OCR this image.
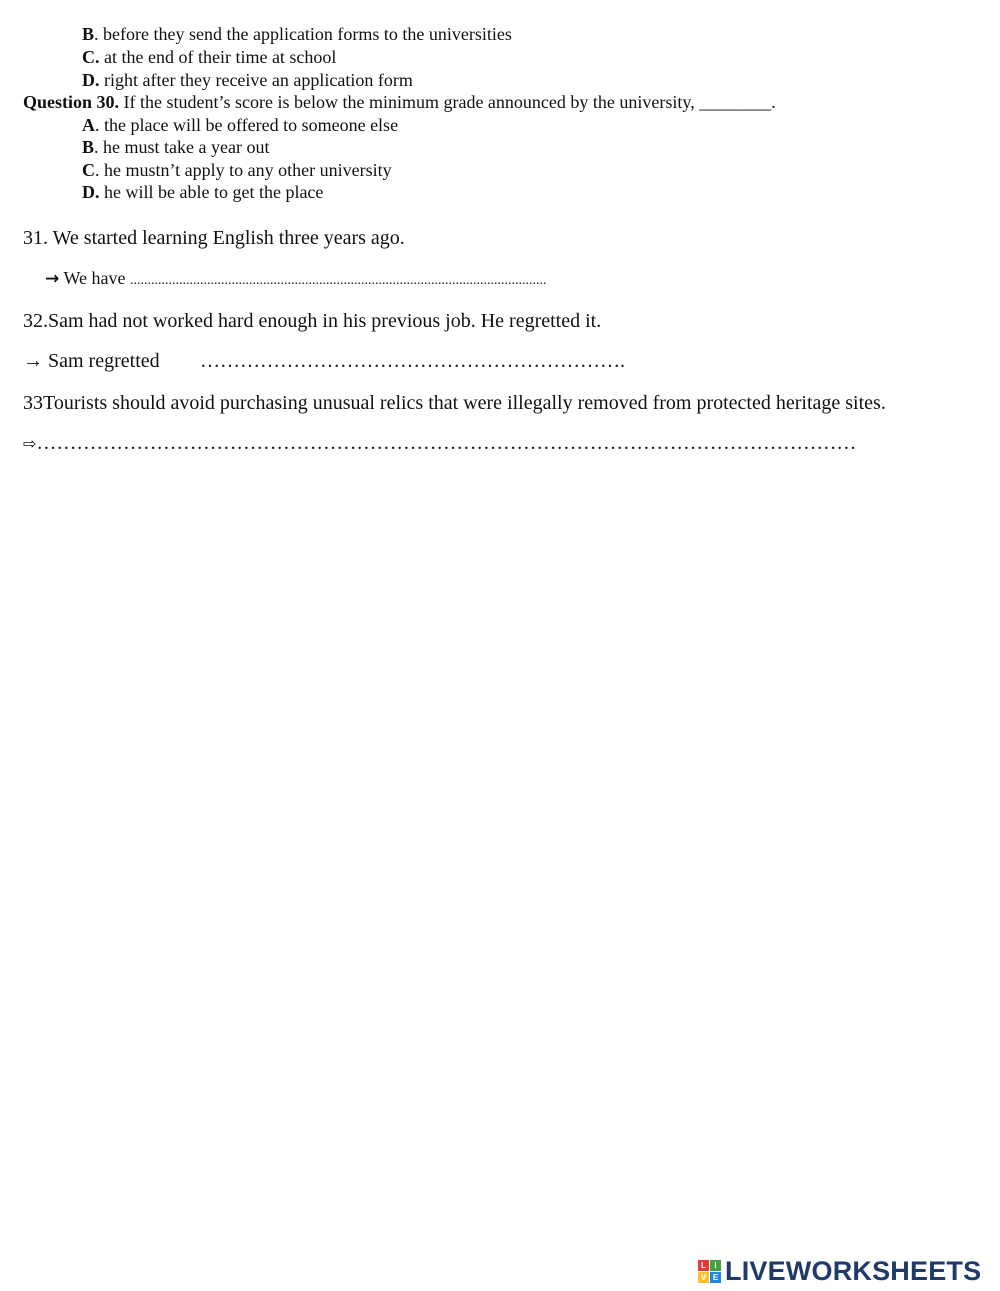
B. before they send the application forms to the universities
C. at the end of their time at school
D. right after they receive an application form
Question 30. If the student’s score is below the minimum grade announced by the university, ________.
A. the place will be offered to someone else
B. he must take a year out
C. he mustn’t apply to any other university
D. he will be able to get the place
31. We started learning English three years ago.
→ We have .......................................................................................................................
32.Sam had not worked hard enough in his previous job. He regretted it.
→ Sam regretted ……………………………………………………….
33Tourists should avoid purchasing unusual relics that were illegally removed from protected heritage sites.
⇨……………………………………………………………………………………………………………
L	I
V E LIVEWORKSHEETS
